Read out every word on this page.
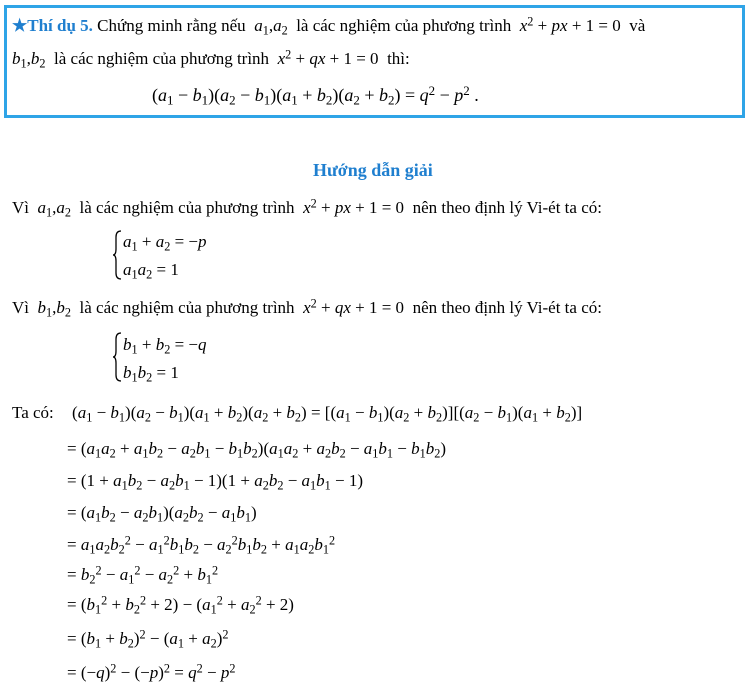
★Thí dụ 5. Chứng minh rằng nếu $a_1,a_2$ là các nghiệm của phương trình $x^2$ + px + 1 = 0  và
$b_1,b_2$ là các nghiệm của phương trình $x^2$ + qx + 1 = 0  thì:
$(a_1 - b_1)(a_2 - b_1)(a_1 + b_2)(a_2 + b_2) = q^2 - p^2$ .
Hướng dẫn giải
Vì $a_1,a_2$ là các nghiệm của phương trình $x^2$ + px + 1 = 0  nên theo định lý Vi-ét ta có:
$a_1 + a_2 = -p$
$a_1a_2 = 1$
Vì $b_1,b_2$ là các nghiệm của phương trình $x^2$ + qx + 1 = 0  nên theo định lý Vi-ét ta có:
$b_1 + b_2 = -q$
$b_1b_2 = 1$
Ta có: $(a_1 - b_1)(a_2 - b_1)(a_1 + b_2)(a_2 + b_2) = [(a_1 - b_1)(a_2 + b_2)][(a_2 - b_1)(a_1 + b_2)]$
= $(a_1a_2 + a_1b_2 - a_2b_1 - b_1b_2)(a_1a_2 + a_2b_2 - a_1b_1 - b_1b_2)$
= $(1 + a_1b_2 - a_2b_1 - 1)(1 + a_2b_2 - a_1b_1 - 1)$
= $(a_1b_2 - a_2b_1)(a_2b_2 - a_1b_1)$
= $a_1a_2b_2^2 - a_1^2b_1b_2 - a_2^2b_1b_2 + a_1a_2b_1^2$
= $b_2^2 - a_1^2 - a_2^2 + b_1^2$
= $(b_1^2 + b_2^2 + 2) - (a_1^2 + a_2^2 + 2)$
= $(b_1 + b_2)^2 - (a_1 + a_2)^2$
= $(-q)^2 - (-p)^2 = q^2 - p^2$
